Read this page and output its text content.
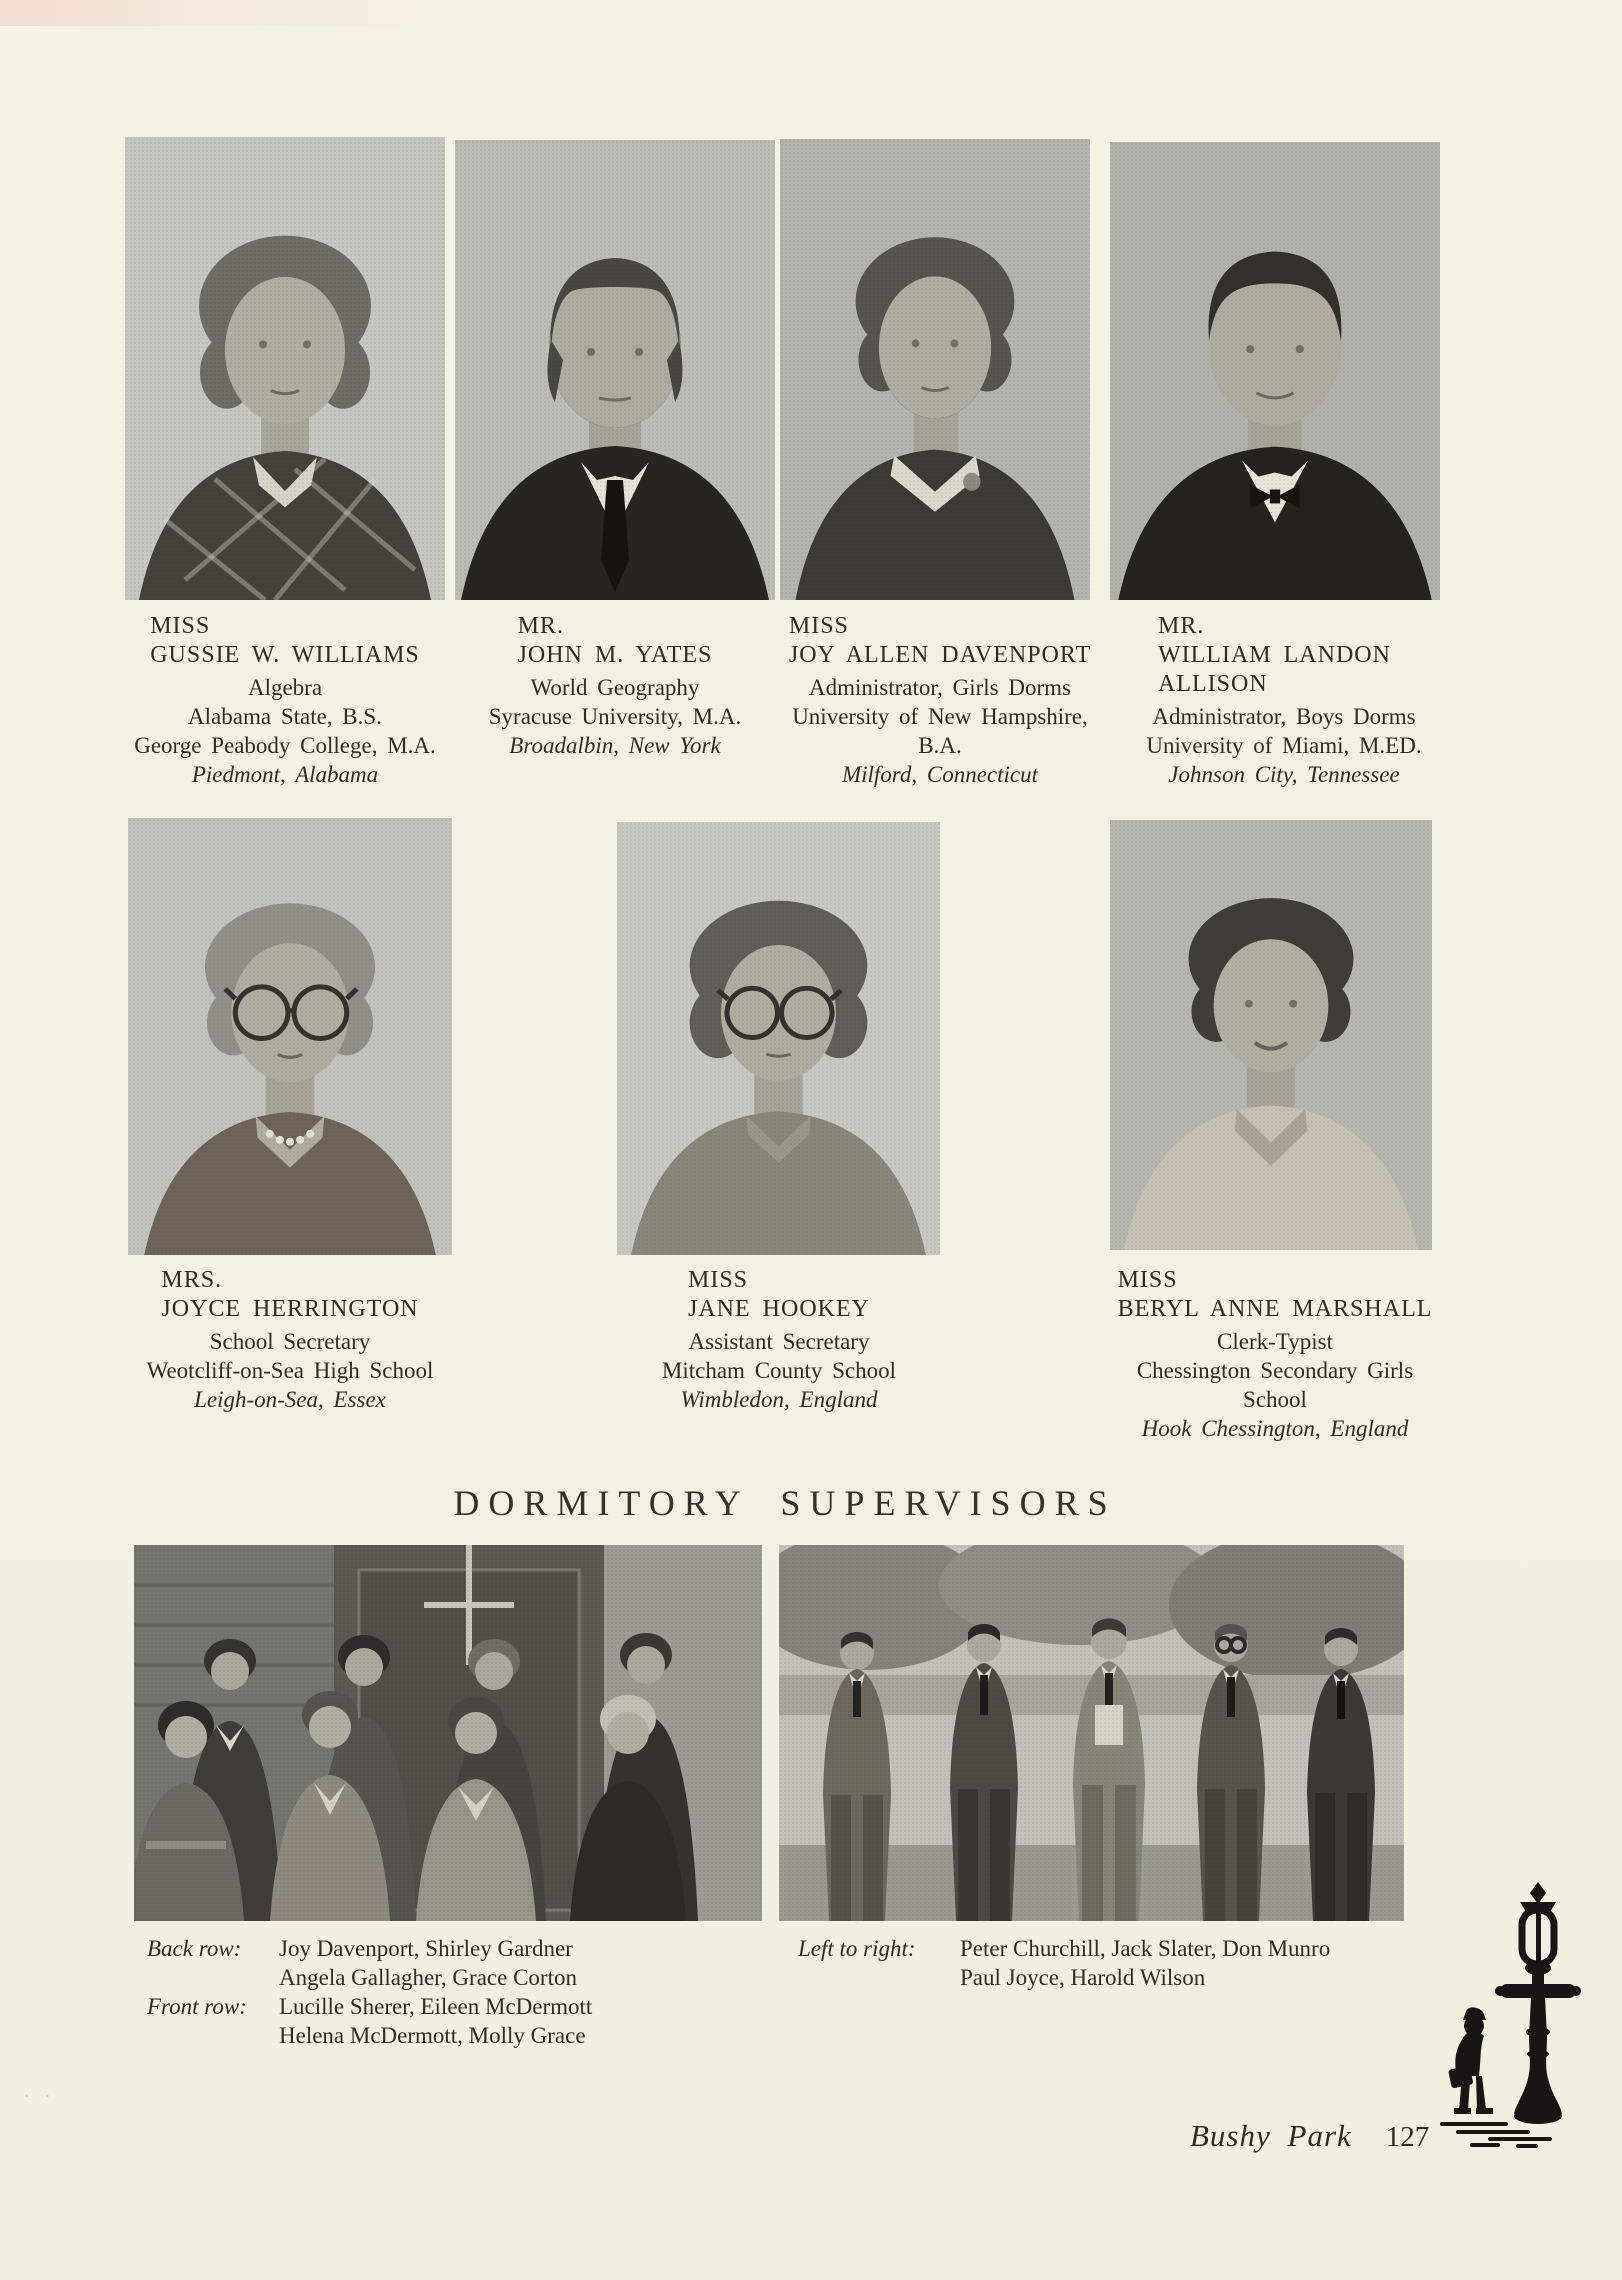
MISS
GUSSIE W. WILLIAMS
Algebra
Alabama State, B.S.
George Peabody College, M.A.
Piedmont, Alabama
MR.
JOHN M. YATES
World Geography
Syracuse University, M.A.
Broadalbin, New York
MISS
JOY ALLEN DAVENPORT
Administrator, Girls Dorms
University of New Hampshire,
B.A.
Milford, Connecticut
MR.
WILLIAM LANDON ALLISON
Administrator, Boys Dorms
University of Miami, M.ED.
Johnson City, Tennessee
MRS.
JOYCE HERRINGTON
School Secretary
Weotcliff-on-Sea High School
Leigh-on-Sea, Essex
MISS
JANE HOOKEY
Assistant Secretary
Mitcham County School
Wimbledon, England
MISS
BERYL ANNE MARSHALL
Clerk-Typist
Chessington Secondary Girls
School
Hook Chessington, England
DORMITORY SUPERVISORS
Back row:	Joy Davenport, Shirley Gardner
Angela Gallagher, Grace Corton
Front row:	Lucille Sherer, Eileen McDermott
Helena McDermott, Molly Grace
Left to right:	Peter Churchill, Jack Slater, Don Munro
Paul Joyce, Harold Wilson
Bushy Park 127
· ·
